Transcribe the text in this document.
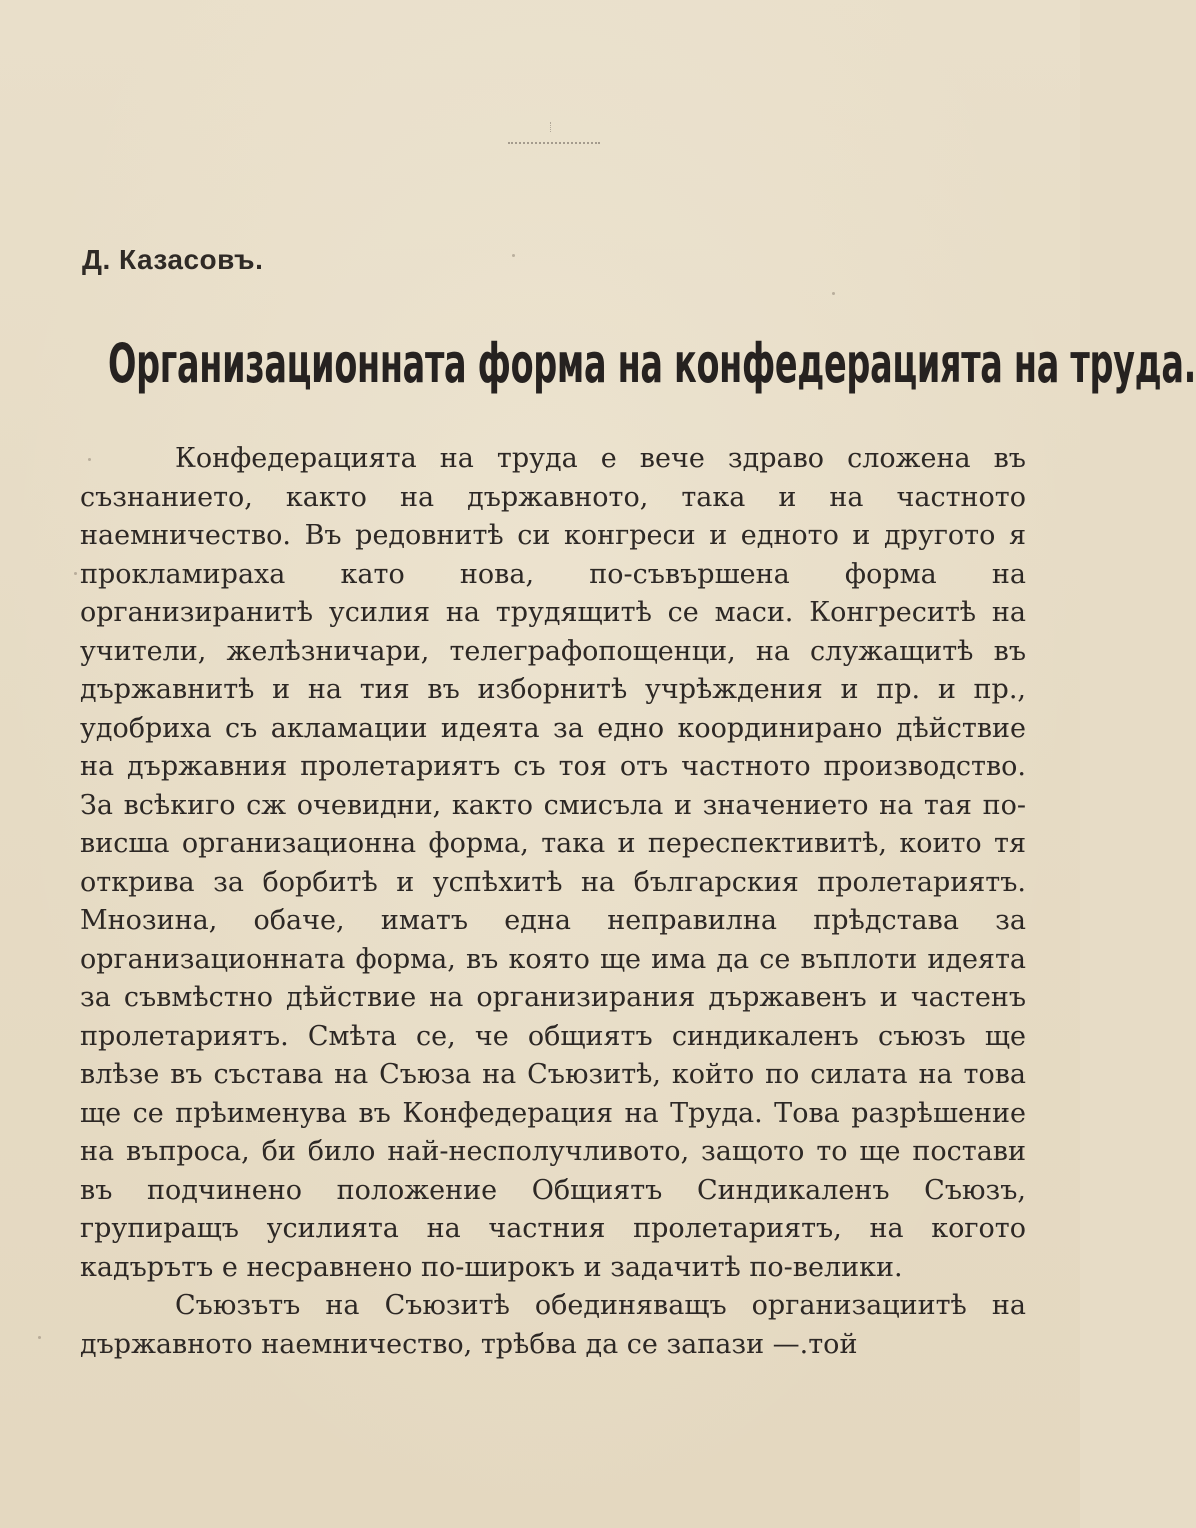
Д. Казасовъ.
Организационната форма на конфедерацията на труда.

Конфедерацията на труда е вече здраво сложена въ съзнанието, както на държавното, така и на частното наемничество. Въ редовнитѣ си конгреси и едното и другото я прокламираха като нова, по-съвършена форма на организиранитѣ усилия на трудящитѣ се маси. Конгреситѣ на учители, желѣзничари, телеграфопощенци, на служащитѣ въ държавнитѣ и на тия въ изборнитѣ учрѣждения и пр. и пр., удобриха съ акламации идеята за едно координирано дѣйствие на държавния пролетариятъ съ тоя отъ частното производство. За всѣкиго сж очевидни, както смисъла и значението на тая по-висша организационна форма, така и переспективитѣ, които тя открива за борбитѣ и успѣхитѣ на българския пролетариятъ. Мнозина, обаче, иматъ една неправилна прѣдстава за организационната форма, въ която ще има да се въплоти идеята за съвмѣстно дѣйствие на организирания държавенъ и частенъ пролетариятъ. Смѣта се, че общиятъ синдикаленъ съюзъ ще влѣзе въ състава на Съюза на Съюзитѣ, който по силата на това ще се прѣименува въ Конфедерация на Труда. Това разрѣшение на въпроса, би било най-несполучливото, защото то ще постави въ подчинено положение Общиятъ Синдикаленъ Съюзъ, групиращъ усилията на частния пролетариятъ, на когото кадърътъ е несравнено по-широкъ и задачитѣ по-велики.

Съюзътъ на Съюзитѣ обединяващъ организациитѣ на държавното наемничество, трѣбва да се запази —.той
